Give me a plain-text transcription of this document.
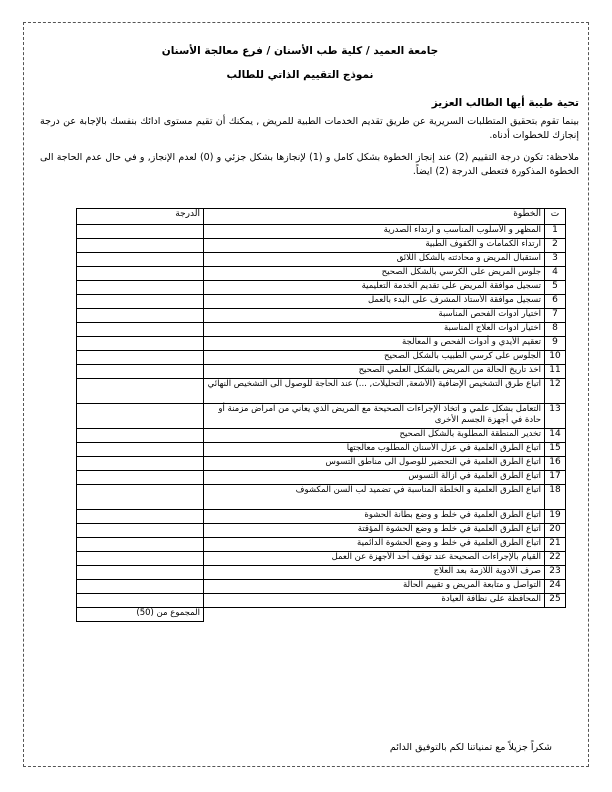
جامعة العميد / كلية طب الأسنان / فرع معالجة الأسنان
نموذج التقييم الذاتي للطالب
تحية طيبة أيها الطالب العزيز
بينما تقوم بتحقيق المتطلبات السريرية عن طريق تقديم الخدمات الطبية للمريض , يمكنك أن تقيم مستوى ادائك بنفسك بالإجابة عن درجة إنجازك للخطوات أدناه.
ملاحظة: تكون درجة التقييم (2) عند إنجاز الخطوة بشكل كامل و (1) لإنجازها بشكل جزئي و (0) لعدم الإنجاز, و في حال عدم الحاجة الى الخطوة المذكورة فتعطى الدرجة (2) ايضاً.
ت	الخطوة	الدرجة
1	المظهر و الأسلوب المناسب و ارتداء الصدرية	
2	ارتداء الكمامات و الكفوف الطبية	
3	استقبال المريض و محادثته بالشكل اللائق	
4	جلوس المريض على الكرسي بالشكل الصحيح	
5	تسجيل موافقة المريض على تقديم الخدمة التعليمية	
6	تسجيل موافقة الأستاذ المشرف على البدء بالعمل	
7	اختيار ادوات الفحص المناسبة	
8	اختيار ادوات العلاج المناسبة	
9	تعقيم الأيدي و أدوات الفحص و المعالجة	
10	الجلوس على كرسي الطبيب بالشكل الصحيح	
11	اخذ تاريخ الحالة من المريض بالشكل العلمي الصحيح	
12	اتباع طرق التشخيص الإضافية (الأشعة, التحليلات, ...) عند الحاجة للوصول الى التشخيص النهائي	
13	التعامل بشكل علمي و اتخاذ الإجراءات الصحيحة مع المريض الذي يعاني من امراض مزمنة أو حادة في أجهزة الجسم الأخرى	
14	تخدير المنطقة المطلوبة بالشكل الصحيح	
15	اتباع الطرق العلمية في عزل الأسنان المطلوب معالجتها	
16	اتباع الطرق العلمية في التحضير للوصول الى مناطق التسوس	
17	اتباع الطرق العلمية في ازالة التسوس	
18	اتباع الطرق العلمية و الخلطة المناسبة في تضميد لب السن المكشوف	
19	اتباع الطرق العلمية في خلط و وضع بطانة الحشوة	
20	اتباع الطرق العلمية في خلط و وضع الحشوة المؤقتة	
21	اتباع الطرق العلمية في خلط و وضع الحشوة الدائمية	
22	القيام بالإجراءات الصحيحة عند توقف أحد الأجهزة عن العمل	
23	صرف الأدوية اللازمة بعد العلاج	
24	التواصل و متابعة المريض و تقييم الحالة	
25	المحافظة على نظافة العيادة	
		المجموع من (50)
شكراً جزيلاً مع تمنياتنا لكم بالتوفيق الدائم
